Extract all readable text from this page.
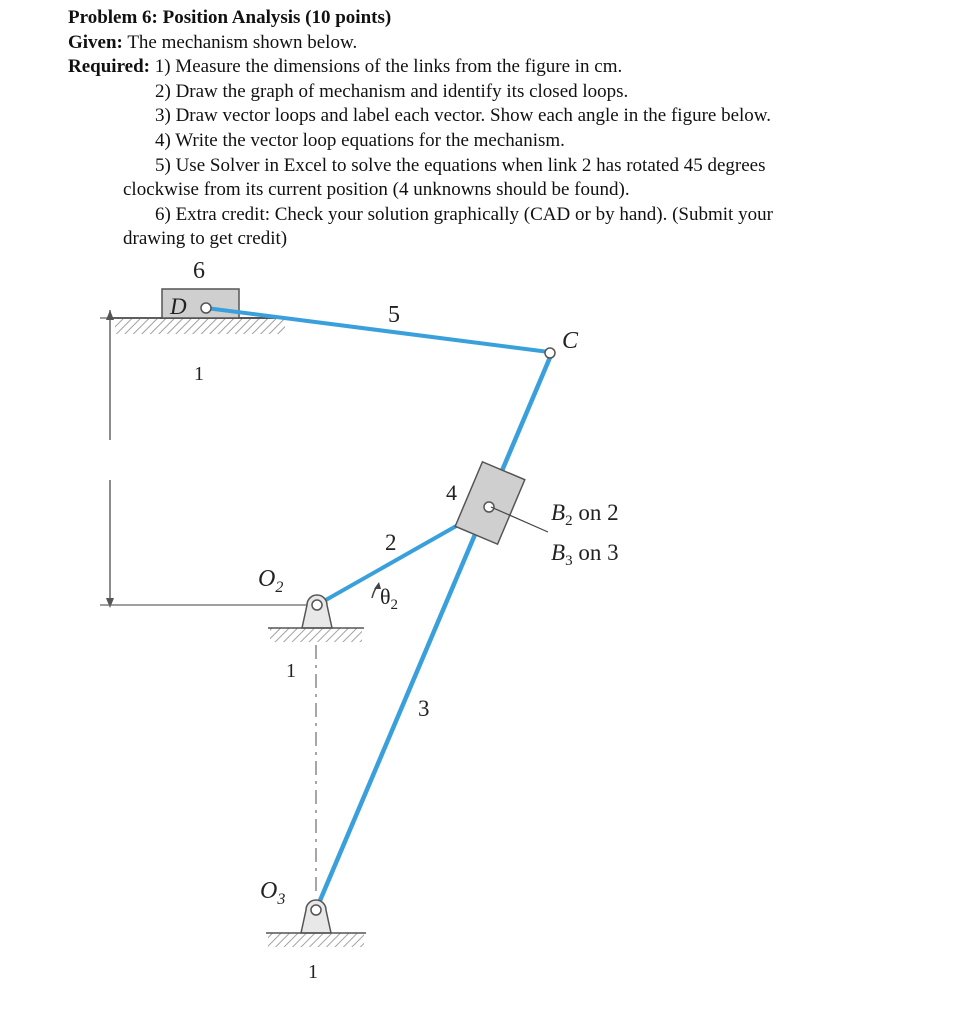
Problem 6: Position Analysis (10 points)

Given: The mechanism shown below.

Required: 1) Measure the dimensions of the links from the figure in cm.

2) Draw the graph of mechanism and identify its closed loops.

3) Draw vector loops and label each vector. Show each angle in the figure below.

4) Write the vector loop equations for the mechanism.

5) Use Solver in Excel to solve the equations when link 2 has rotated 45 degrees

clockwise from its current position (4 unknowns should be found).

6) Extra credit: Check your solution graphically (CAD or by hand). (Submit your

drawing to get credit)

6
D	5
1
C
4
2
$O_2$	$\theta_2$
1
3
$O_3$
1
$B_2$ on 2
$B_3$ on 3
